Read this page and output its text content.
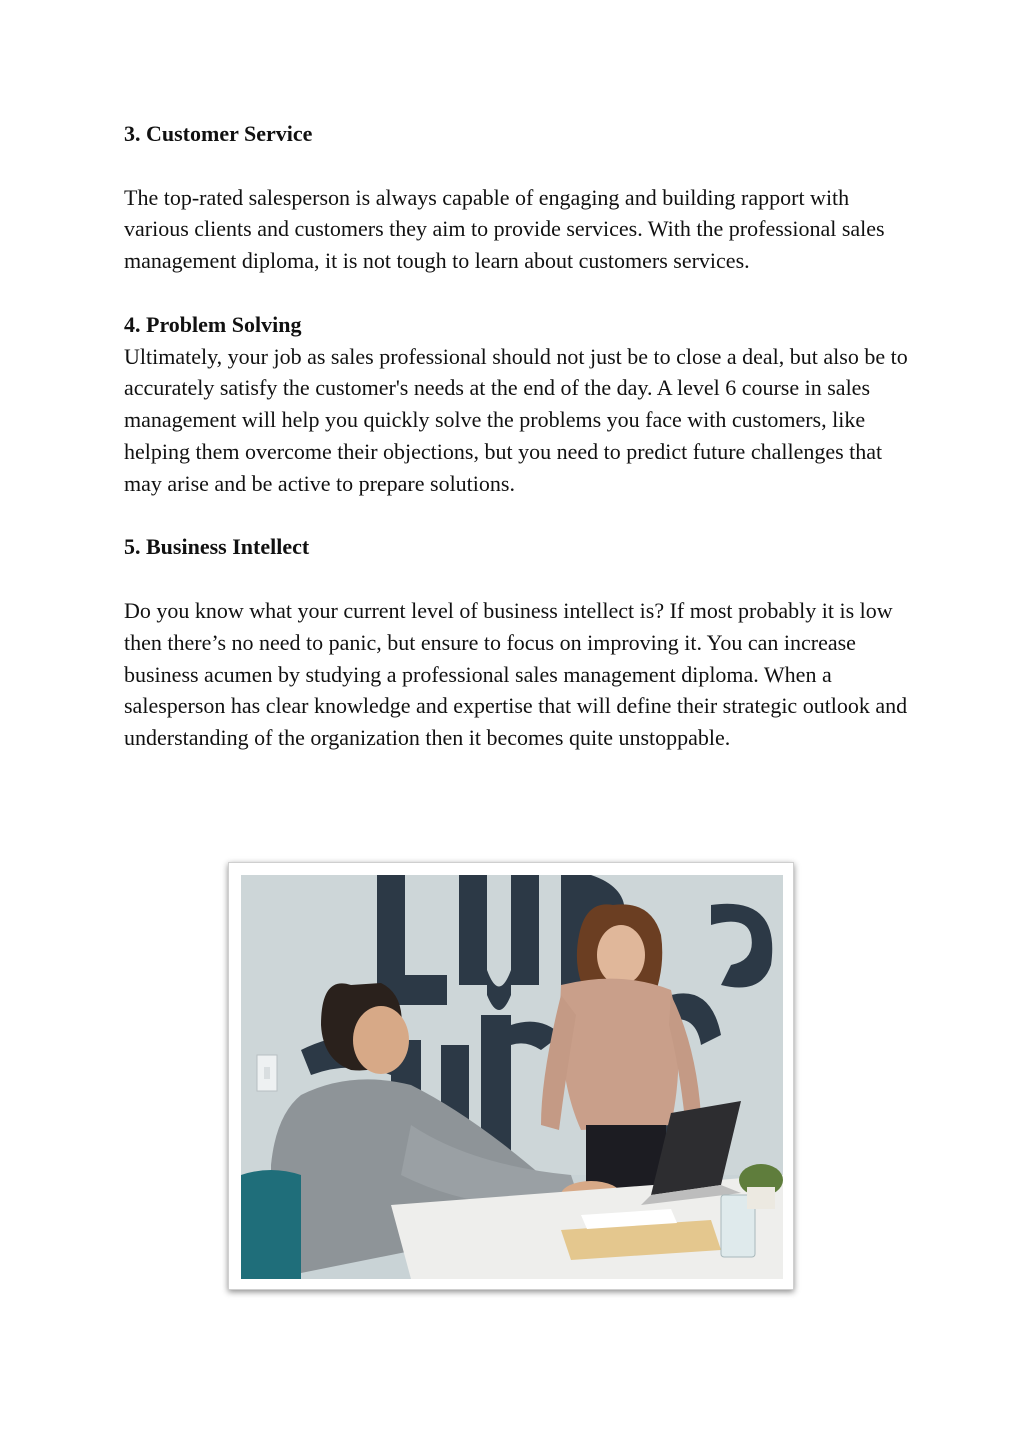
3. Customer Service

The top-rated salesperson is always capable of engaging and building rapport with various clients and customers they aim to provide services. With the professional sales management diploma, it is not tough to learn about customers services.

4. Problem Solving

Ultimately, your job as sales professional should not just be to close a deal, but also be to accurately satisfy the customer's needs at the end of the day. A level 6 course in sales management will help you quickly solve the problems you face with customers, like helping them overcome their objections, but you need to predict future challenges that may arise and be active to prepare solutions.

5. Business Intellect

Do you know what your current level of business intellect is? If most probably it is low then there’s no need to panic, but ensure to focus on improving it. You can increase business acumen by studying a professional sales management diploma. When a salesperson has clear knowledge and expertise that will define their strategic outlook and understanding of the organization then it becomes quite unstoppable.
